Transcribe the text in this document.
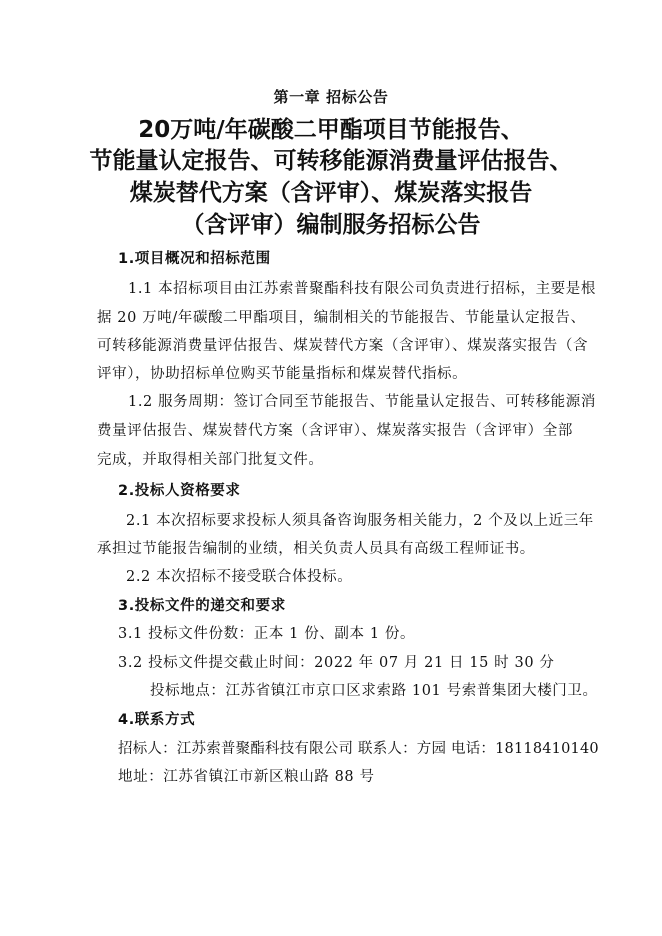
第一章 招标公告
20万吨/年碳酸二甲酯项目节能报告、
节能量认定报告、可转移能源消费量评估报告、
煤炭替代方案（含评审）、煤炭落实报告
（含评审）编制服务招标公告
1.项目概况和招标范围
1.1 本招标项目由江苏索普聚酯科技有限公司负责进行招标，主要是根
据 20 万吨/年碳酸二甲酯项目，编制相关的节能报告、节能量认定报告、
可转移能源消费量评估报告、煤炭替代方案（含评审）、煤炭落实报告（含
评审），协助招标单位购买节能量指标和煤炭替代指标。
1.2 服务周期：签订合同至节能报告、节能量认定报告、可转移能源消
费量评估报告、煤炭替代方案（含评审）、煤炭落实报告（含评审）全部
完成，并取得相关部门批复文件。
2.投标人资格要求
2.1 本次招标要求投标人须具备咨询服务相关能力，2 个及以上近三年
承担过节能报告编制的业绩，相关负责人员具有高级工程师证书。
2.2 本次招标不接受联合体投标。
3.投标文件的递交和要求
3.1 投标文件份数：正本 1 份、副本 1 份。
3.2 投标文件提交截止时间：2022 年 07 月 21 日 15 时 30 分
投标地点：江苏省镇江市京口区求索路 101 号索普集团大楼门卫。
4.联系方式
招标人：江苏索普聚酯科技有限公司 联系人：方园 电话：18118410140
地址：江苏省镇江市新区粮山路 88 号
